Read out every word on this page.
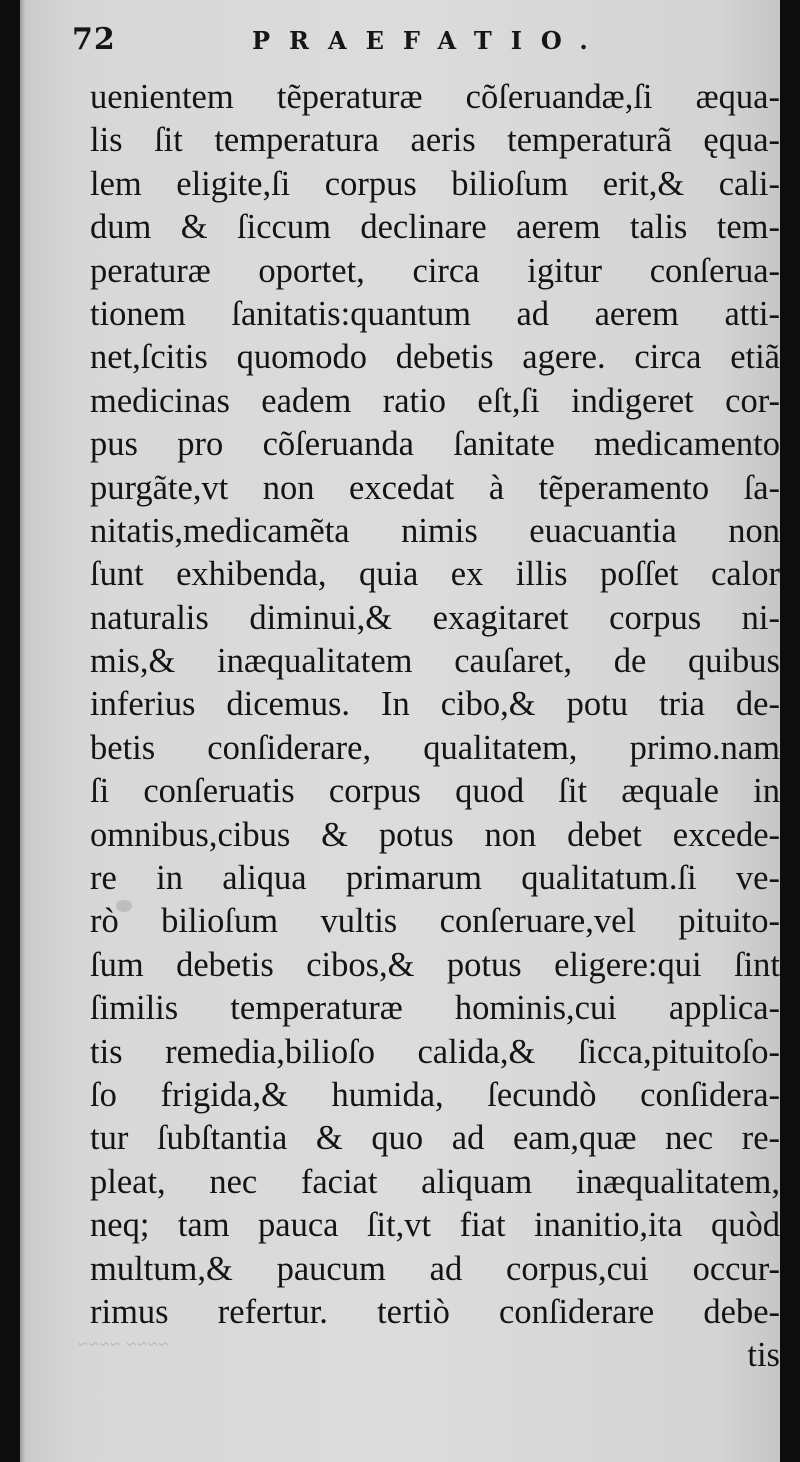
72	PRAEFATIO.
uenientem tẽperaturæ cõſeruandæ,ſi æqua-
lis ſit temperatura aeris temperaturã ęqua-
lem eligite,ſi corpus bilioſum erit,& cali-
dum & ſiccum declinare aerem talis tem-
peraturæ oportet, circa igitur conſerua-
tionem ſanitatis:quantum ad aerem atti-
net,ſcitis quomodo debetis agere. circa etiã
medicinas eadem ratio eſt,ſi indigeret cor-
pus pro cõſeruanda ſanitate medicamento
purgãte,vt non excedat à tẽperamento ſa-
nitatis,medicamẽta nimis euacuantia non
ſunt exhibenda, quia ex illis poſſet calor
naturalis diminui,& exagitaret corpus ni-
mis,& inæqualitatem cauſaret, de quibus
inferius dicemus. In cibo,& potu tria de-
betis conſiderare, qualitatem, primo.nam
ſi conſeruatis corpus quod ſit æquale in
omnibus,cibus & potus non debet excede-
re in aliqua primarum qualitatum.ſi ve-
rò bilioſum vultis conſeruare,vel pituito-
ſum debetis cibos,& potus eligere:qui ſint
ſimilis temperaturæ hominis,cui applica-
tis remedia,bilioſo calida,& ſicca,pituitoſo-
ſo frigida,& humida, ſecundò conſidera-
tur ſubſtantia & quo ad eam,quæ nec re-
pleat, nec faciat aliquam inæqualitatem,
neq; tam pauca ſit,vt fiat inanitio,ita quòd
multum,& paucum ad corpus,cui occur-
rimus refertur. tertiò conſiderare debe-
tis
~~~~ ~~~~
